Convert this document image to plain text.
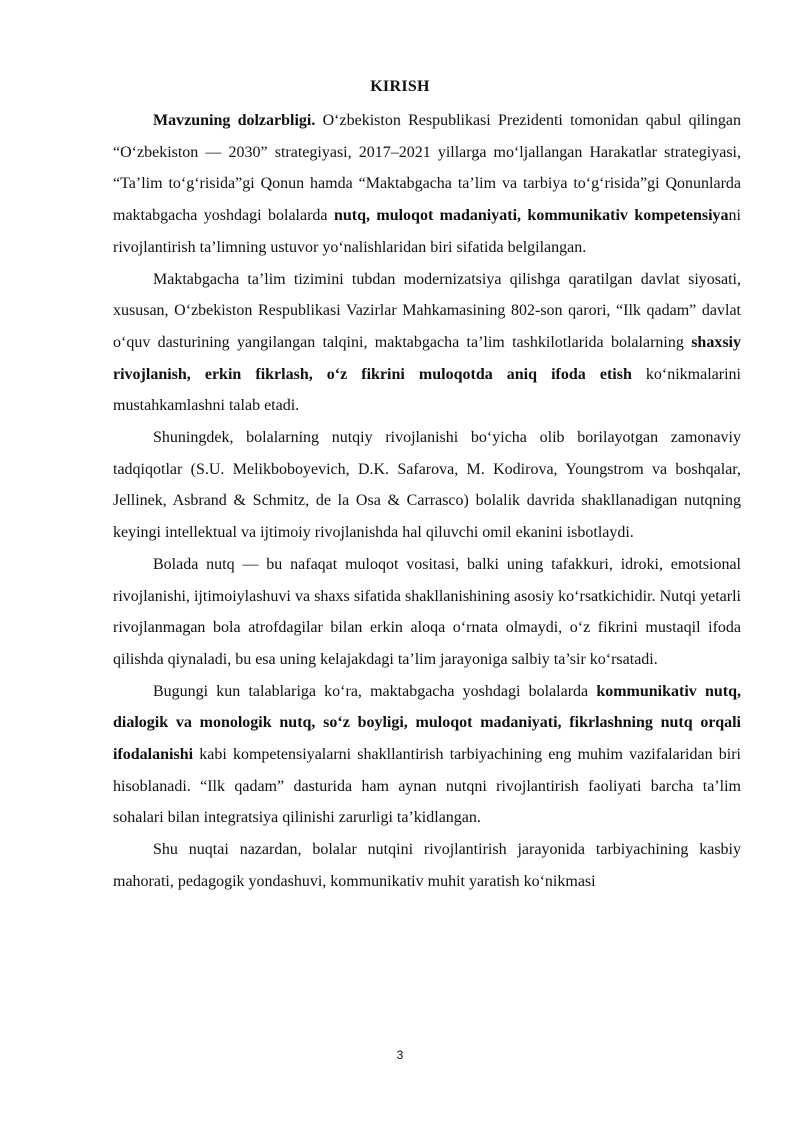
KIRISH

Mavzuning dolzarbligi. O‘zbekiston Respublikasi Prezidenti tomonidan qabul qilingan “O‘zbekiston — 2030” strategiyasi, 2017–2021 yillarga mo‘ljallangan Harakatlar strategiyasi, “Ta’lim to‘g‘risida”gi Qonun hamda “Maktabgacha ta’lim va tarbiya to‘g‘risida”gi Qonunlarda maktabgacha yoshdagi bolalarda nutq, muloqot madaniyati, kommunikativ kompetensiyani rivojlantirish ta’limning ustuvor yo‘nalishlaridan biri sifatida belgilangan.

Maktabgacha ta’lim tizimini tubdan modernizatsiya qilishga qaratilgan davlat siyosati, xususan, O‘zbekiston Respublikasi Vazirlar Mahkamasining 802-son qarori, “Ilk qadam” davlat o‘quv dasturining yangilangan talqini, maktabgacha ta’lim tashkilotlarida bolalarning shaxsiy rivojlanish, erkin fikrlash, o‘z fikrini muloqotda aniq ifoda etish ko‘nikmalarini mustahkamlashni talab etadi.

Shuningdek, bolalarning nutqiy rivojlanishi bo‘yicha olib borilayotgan zamonaviy tadqiqotlar (S.U. Melikboboyevich, D.K. Safarova, M. Kodirova, Youngstrom va boshqalar, Jellinek, Asbrand & Schmitz, de la Osa & Carrasco) bolalik davrida shakllanadigan nutqning keyingi intellektual va ijtimoiy rivojlanishda hal qiluvchi omil ekanini isbotlaydi.

Bolada nutq — bu nafaqat muloqot vositasi, balki uning tafakkuri, idroki, emotsional rivojlanishi, ijtimoiylashuvi va shaxs sifatida shakllanishining asosiy ko‘rsatkichidir. Nutqi yetarli rivojlanmagan bola atrofdagilar bilan erkin aloqa o‘rnata olmaydi, o‘z fikrini mustaqil ifoda qilishda qiynaladi, bu esa uning kelajakdagi ta’lim jarayoniga salbiy ta’sir ko‘rsatadi.

Bugungi kun talablariga ko‘ra, maktabgacha yoshdagi bolalarda kommunikativ nutq, dialogik va monologik nutq, so‘z boyligi, muloqot madaniyati, fikrlashning nutq orqali ifodalanishi kabi kompetensiyalarni shakllantirish tarbiyachining eng muhim vazifalaridan biri hisoblanadi. “Ilk qadam” dasturida ham aynan nutqni rivojlantirish faoliyati barcha ta’lim sohalari bilan integratsiya qilinishi zarurligi ta’kidlangan.

Shu nuqtai nazardan, bolalar nutqini rivojlantirish jarayonida tarbiyachining kasbiy mahorati, pedagogik yondashuvi, kommunikativ muhit yaratish ko‘nikmasi

3
